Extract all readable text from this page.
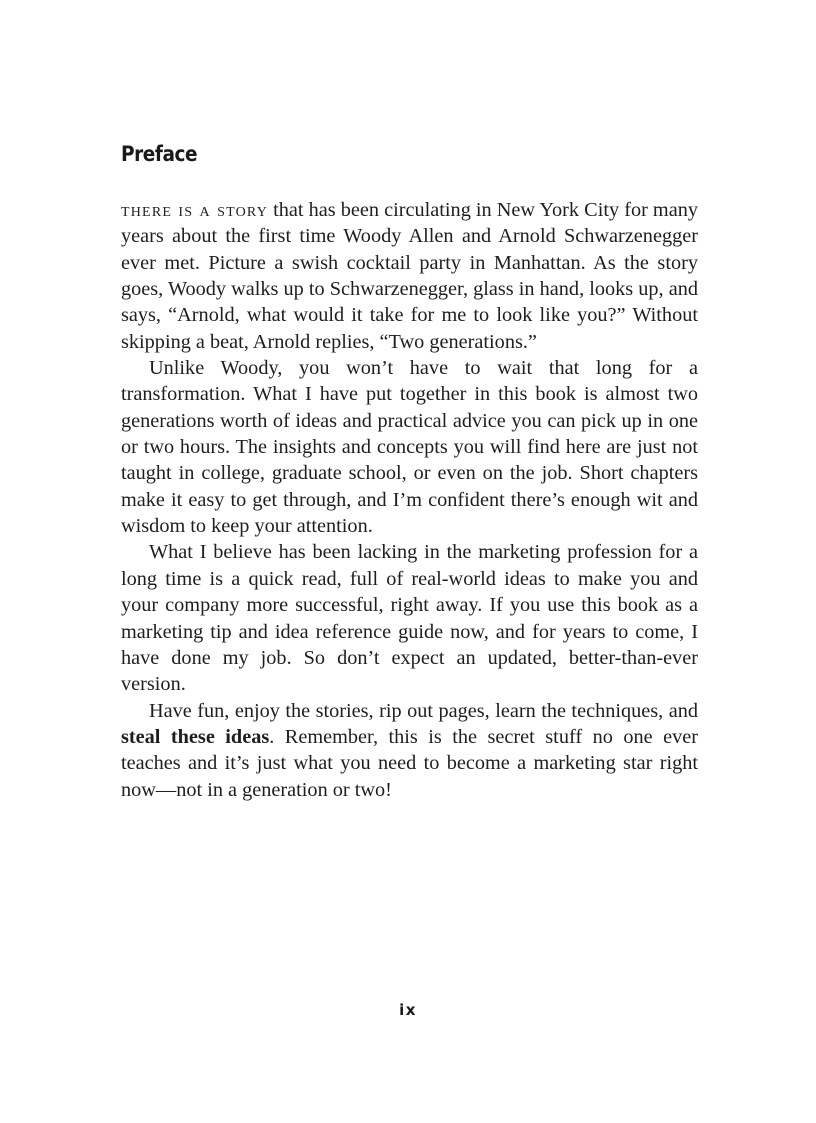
Preface

there is a story that has been circulating in New York City for many years about the first time Woody Allen and Arnold Schwarzenegger ever met. Picture a swish cocktail party in Manhattan. As the story goes, Woody walks up to Schwarzenegger, glass in hand, looks up, and says, “Arnold, what would it take for me to look like you?” Without skipping a beat, Arnold replies, “Two generations.”

Unlike Woody, you won’t have to wait that long for a transformation. What I have put together in this book is almost two generations worth of ideas and practical advice you can pick up in one or two hours. The insights and concepts you will find here are just not taught in college, graduate school, or even on the job. Short chapters make it easy to get through, and I’m confident there’s enough wit and wisdom to keep your attention.

What I believe has been lacking in the marketing profession for a long time is a quick read, full of real-world ideas to make you and your company more successful, right away. If you use this book as a marketing tip and idea reference guide now, and for years to come, I have done my job. So don’t expect an updated, better-than-ever version.

Have fun, enjoy the stories, rip out pages, learn the techniques, and steal these ideas. Remember, this is the secret stuff no one ever teaches and it’s just what you need to become a marketing star right now—not in a generation or two!

ix
